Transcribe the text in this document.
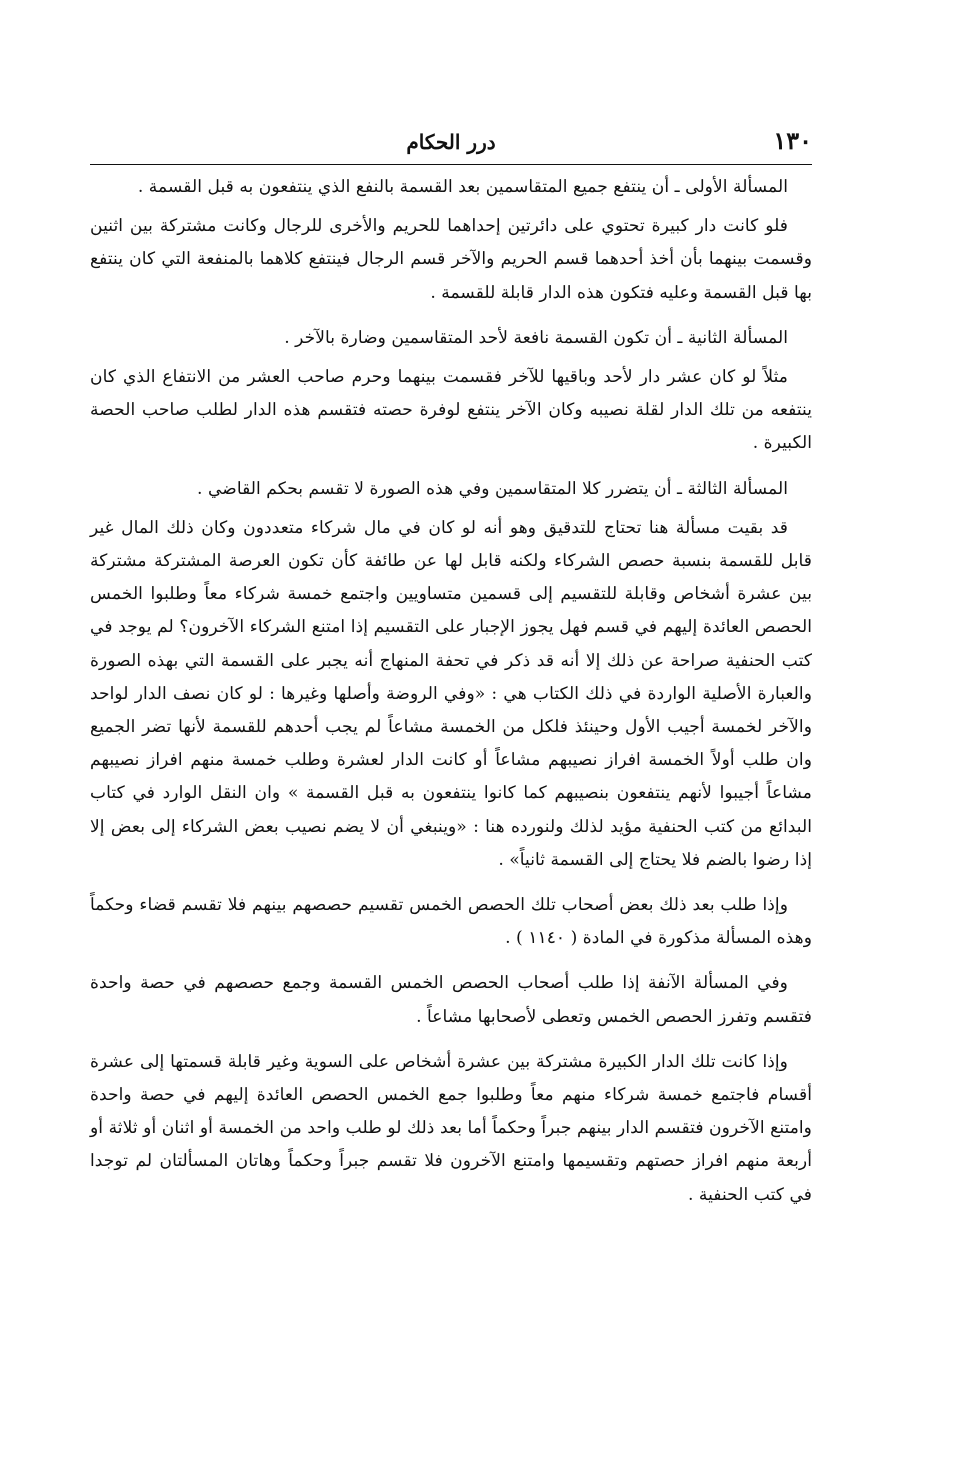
١٣٠
درر الحكام

المسألة الأولى ـ أن ينتفع جميع المتقاسمين بعد القسمة بالنفع الذي ينتفعون به قبل القسمة .

فلو كانت دار كبيرة تحتوي على دائرتين إحداهما للحريم والأخرى للرجال وكانت مشتركة بين اثنين وقسمت بينهما بأن أخذ أحدهما قسم الحريم والآخر قسم الرجال فينتفع كلاهما بالمنفعة التي كان ينتفع بها قبل القسمة وعليه فتكون هذه الدار قابلة للقسمة .

المسألة الثانية ـ أن تكون القسمة نافعة لأحد المتقاسمين وضارة بالآخر .

مثلاً لو كان عشر دار لأحد وباقيها للآخر فقسمت بينهما وحرم صاحب العشر من الانتفاع الذي كان ينتفعه من تلك الدار لقلة نصيبه وكان الآخر ينتفع لوفرة حصته فتقسم هذه الدار لطلب صاحب الحصة الكبيرة .

المسألة الثالثة ـ أن يتضرر كلا المتقاسمين وفي هذه الصورة لا تقسم بحكم القاضي .

قد بقيت مسألة هنا تحتاج للتدقيق وهو أنه لو كان في مال شركاء متعددون وكان ذلك المال غير قابل للقسمة بنسبة حصص الشركاء ولكنه قابل لها عن طائفة كأن تكون العرصة المشتركة مشتركة بين عشرة أشخاص وقابلة للتقسيم إلى قسمين متساويين واجتمع خمسة شركاء معاً وطلبوا الخمس الحصص العائدة إليهم في قسم فهل يجوز الإجبار على التقسيم إذا امتنع الشركاء الآخرون؟ لم يوجد في كتب الحنفية صراحة عن ذلك إلا أنه قد ذكر في تحفة المنهاج أنه يجبر على القسمة التي بهذه الصورة والعبارة الأصلية الواردة في ذلك الكتاب هي : «وفي الروضة وأصلها وغيرها : لو كان نصف الدار لواحد والآخر لخمسة أجيب الأول وحينئذ فلكل من الخمسة مشاعاً لم يجب أحدهم للقسمة لأنها تضر الجميع وان طلب أولاً الخمسة افراز نصيبهم مشاعاً أو كانت الدار لعشرة وطلب خمسة منهم افراز نصيبهم مشاعاً أجيبوا لأنهم ينتفعون بنصيبهم كما كانوا ينتفعون به قبل القسمة » وان النقل الوارد في كتاب البدائع من كتب الحنفية مؤيد لذلك ولنورده هنا : «وينبغي أن لا يضم نصيب بعض الشركاء إلى بعض إلا إذا رضوا بالضم فلا يحتاج إلى القسمة ثانياً» .

وإذا طلب بعد ذلك بعض أصحاب تلك الحصص الخمس تقسيم حصصهم بينهم فلا تقسم قضاء وحكماً وهذه المسألة مذكورة في المادة ( ١١٤٠ ) .

وفي المسألة الآنفة إذا طلب أصحاب الحصص الخمس القسمة وجمع حصصهم في حصة واحدة فتقسم وتفرز الحصص الخمس وتعطى لأصحابها مشاعاً .

وإذا كانت تلك الدار الكبيرة مشتركة بين عشرة أشخاص على السوية وغير قابلة قسمتها إلى عشرة أقسام فاجتمع خمسة شركاء منهم معاً وطلبوا جمع الخمس الحصص العائدة إليهم في حصة واحدة وامتنع الآخرون فتقسم الدار بينهم جبراً وحكماً أما بعد ذلك لو طلب واحد من الخمسة أو اثنان أو ثلاثة أو أربعة منهم افراز حصتهم وتقسيمها وامتنع الآخرون فلا تقسم جبراً وحكماً وهاتان المسألتان لم توجدا في كتب الحنفية .
